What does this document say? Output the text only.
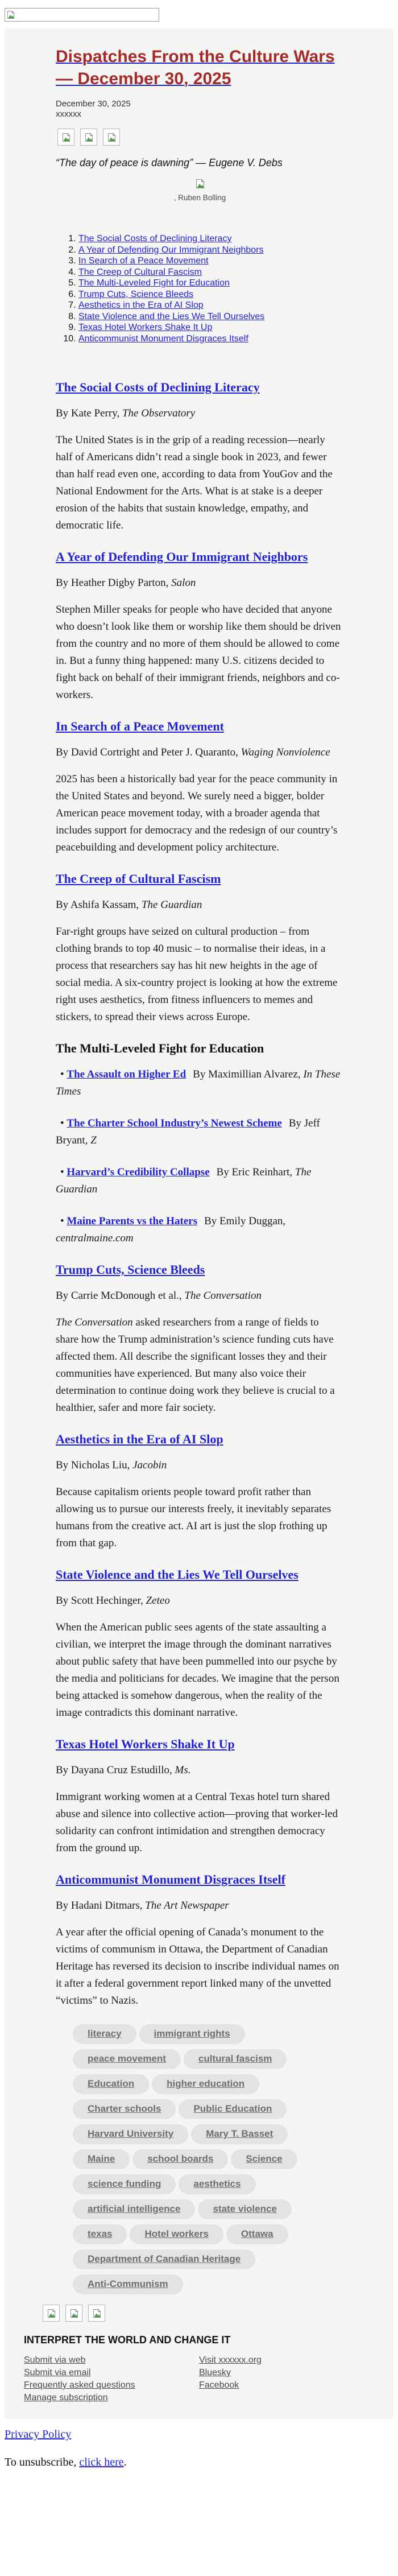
Dispatches From the Culture Wars — December 30, 2025
December 30, 2025
xxxxxx
“The day of peace is dawning” — Eugene V. Debs
, Ruben Bolling
1. The Social Costs of Declining Literacy
2. A Year of Defending Our Immigrant Neighbors
3. In Search of a Peace Movement
4. The Creep of Cultural Fascism
5. The Multi-Leveled Fight for Education
6. Trump Cuts, Science Bleeds
7. Aesthetics in the Era of AI Slop
8. State Violence and the Lies We Tell Ourselves
9. Texas Hotel Workers Shake It Up
10. Anticommunist Monument Disgraces Itself
The Social Costs of Declining Literacy
By Kate Perry, The Observatory

The United States is in the grip of a reading recession—nearly half of Americans didn’t read a single book in 2023, and fewer than half read even one, according to data from YouGov and the National Endowment for the Arts. What is at stake is a deeper erosion of the habits that sustain knowledge, empathy, and democratic life.

A Year of Defending Our Immigrant Neighbors
By Heather Digby Parton, Salon

Stephen Miller speaks for people who have decided that anyone who doesn’t look like them or worship like them should be driven from the country and no more of them should be allowed to come in. But a funny thing happened: many U.S. citizens decided to fight back on behalf of their immigrant friends, neighbors and co-workers.

In Search of a Peace Movement
By David Cortright and Peter J. Quaranto, Waging Nonviolence

2025 has been a historically bad year for the peace community in the United States and beyond. We surely need a bigger, bolder American peace movement today, with a broader agenda that includes support for democracy and the redesign of our country’s peacebuilding and development policy architecture.

The Creep of Cultural Fascism
By Ashifa Kassam, The Guardian

Far-right groups have seized on cultural production – from clothing brands to top 40 music – to normalise their ideas, in a process that researchers say has hit new heights in the age of social media. A six-country project is looking at how the extreme right uses aesthetics, from fitness influencers to memes and stickers, to spread their views across Europe.

The Multi-Leveled Fight for Education

• The Assault on Higher Ed By Maximillian Alvarez, In These Times

• The Charter School Industry’s Newest Scheme By Jeff Bryant, Z

• Harvard’s Credibility Collapse By Eric Reinhart, The Guardian

• Maine Parents vs the Haters By Emily Duggan, centralmaine.com

Trump Cuts, Science Bleeds
By Carrie McDonough et al., The Conversation

The Conversation asked researchers from a range of fields to share how the Trump administration’s science funding cuts have affected them. All describe the significant losses they and their communities have experienced. But many also voice their determination to continue doing work they believe is crucial to a healthier, safer and more fair society.

Aesthetics in the Era of AI Slop
By Nicholas Liu, Jacobin

Because capitalism orients people toward profit rather than allowing us to pursue our interests freely, it inevitably separates humans from the creative act. AI art is just the slop frothing up from that gap.

State Violence and the Lies We Tell Ourselves
By Scott Hechinger, Zeteo

When the American public sees agents of the state assaulting a civilian, we interpret the image through the dominant narratives about public safety that have been pummelled into our psyche by the media and politicians for decades. We imagine that the person being attacked is somehow dangerous, when the reality of the image contradicts this dominant narrative.

Texas Hotel Workers Shake It Up
By Dayana Cruz Estudillo, Ms.

Immigrant working women at a Central Texas hotel turn shared abuse and silence into collective action—proving that worker-led solidarity can confront intimidation and strengthen democracy from the ground up.

Anticommunist Monument Disgraces Itself
By Hadani Ditmars, The Art Newspaper

A year after the official opening of Canada’s monument to the victims of communism in Ottawa, the Department of Canadian Heritage has reversed its decision to inscribe individual names on it after a federal government report linked many of the unvetted “victims” to Nazis.

literacy	immigrant rights
peace movement	cultural fascism
Education	higher education
Charter schools	Public Education
Harvard University	Mary T. Basset
Maine	school boards	Science
science funding	aesthetics
artificial intelligence	state violence
texas	Hotel workers	Ottawa
Department of Canadian Heritage
Anti-Communism
INTERPRET THE WORLD AND CHANGE IT
Submit via web
Submit via email
Frequently asked questions
Manage subscription
Visit xxxxxx.org
Bluesky
Facebook
Privacy Policy
To unsubscribe, click here.
